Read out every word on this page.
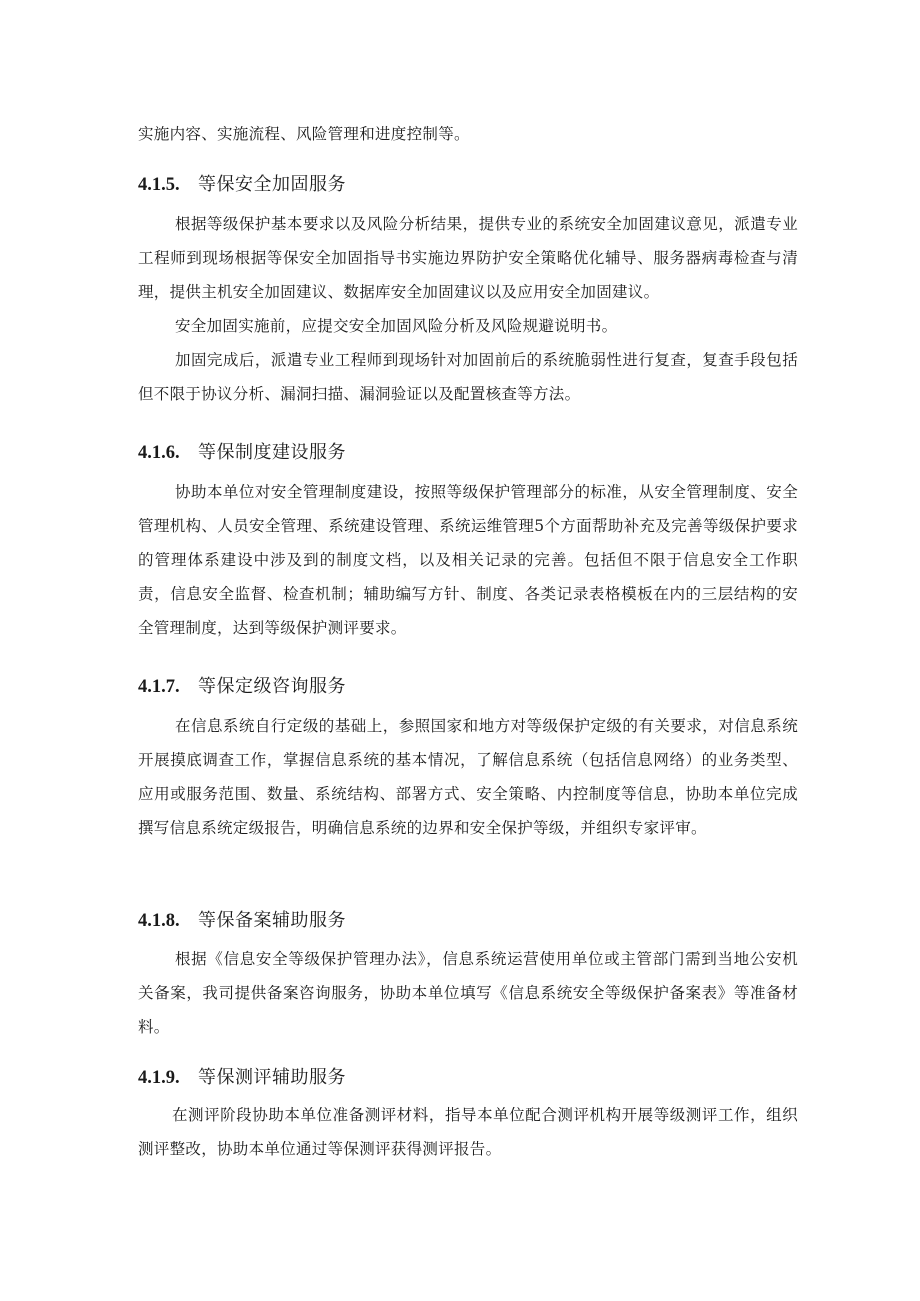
实施内容、实施流程、风险管理和进度控制等。

4.1.5. 等保安全加固服务

根据等级保护基本要求以及风险分析结果，提供专业的系统安全加固建议意见，派遣专业工程师到现场根据等保安全加固指导书实施边界防护安全策略优化辅导、服务器病毒检查与清理，提供主机安全加固建议、数据库安全加固建议以及应用安全加固建议。

安全加固实施前，应提交安全加固风险分析及风险规避说明书。

加固完成后，派遣专业工程师到现场针对加固前后的系统脆弱性进行复查，复查手段包括但不限于协议分析、漏洞扫描、漏洞验证以及配置核查等方法。

4.1.6. 等保制度建设服务

协助本单位对安全管理制度建设，按照等级保护管理部分的标准，从安全管理制度、安全管理机构、人员安全管理、系统建设管理、系统运维管理5个方面帮助补充及完善等级保护要求的管理体系建设中涉及到的制度文档，以及相关记录的完善。包括但不限于信息安全工作职责，信息安全监督、检查机制；辅助编写方针、制度、各类记录表格模板在内的三层结构的安全管理制度，达到等级保护测评要求。

4.1.7. 等保定级咨询服务

在信息系统自行定级的基础上，参照国家和地方对等级保护定级的有关要求，对信息系统开展摸底调查工作，掌握信息系统的基本情况，了解信息系统（包括信息网络）的业务类型、应用或服务范围、数量、系统结构、部署方式、安全策略、内控制度等信息，协助本单位完成撰写信息系统定级报告，明确信息系统的边界和安全保护等级，并组织专家评审。

4.1.8. 等保备案辅助服务

根据《信息安全等级保护管理办法》，信息系统运营使用单位或主管部门需到当地公安机关备案，我司提供备案咨询服务，协助本单位填写《信息系统安全等级保护备案表》等准备材料。

4.1.9. 等保测评辅助服务

在测评阶段协助本单位准备测评材料，指导本单位配合测评机构开展等级测评工作，组织测评整改，协助本单位通过等保测评获得测评报告。
